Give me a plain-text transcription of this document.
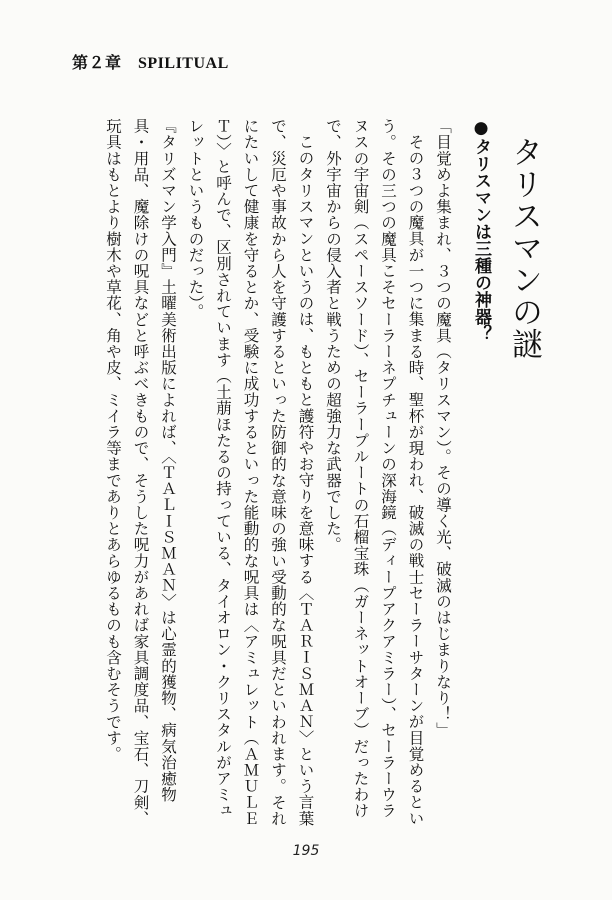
第２章　SPILITUAL
タリスマンの謎
●タリスマンは三種の神器？

「目覚めよ集まれ、３つの魔具（タリスマン）。その導く光、破滅のはじまりなり！」

その３つの魔具が一つに集まる時、聖杯が現われ、破滅の戦士セーラーサターンが目覚めるという。その三つの魔具こそセーラーネプチューンの深海鏡（ディープアクアミラー）、セーラーウラヌスの宇宙剣（スペースソード）、セーラープルートの石榴宝珠（ガーネットオーブ）だったわけで、外宇宙からの侵入者と戦うための超強力な武器でした。

このタリスマンというのは、もともと護符やお守りを意味する〈ＴＡＲＩＳＭＡＮ〉という言葉で、災厄や事故から人を守護するといった防御的な意味の強い受動的な呪具だといわれます。それにたいして健康を守るとか、受験に成功するといった能動的な呪具は〈アミュレット（ＡＭＵＬＥＴ）〉と呼んで、区別されています（土萠ほたるの持っている、タイオロン・クリスタルがアミュレットというものだった）。

『タリズマン学入門』土曜美術出版によれば、〈ＴＡＬＩＳＭＡＮ〉は心霊的獲物、病気治癒物具・用品、魔除けの呪具などと呼ぶべきもので、そうした呪力があれば家具調度品、宝石、刀剣、玩具はもとより樹木や草花、角や皮、ミイラ等までありとあらゆるものも含むそうです。

195
